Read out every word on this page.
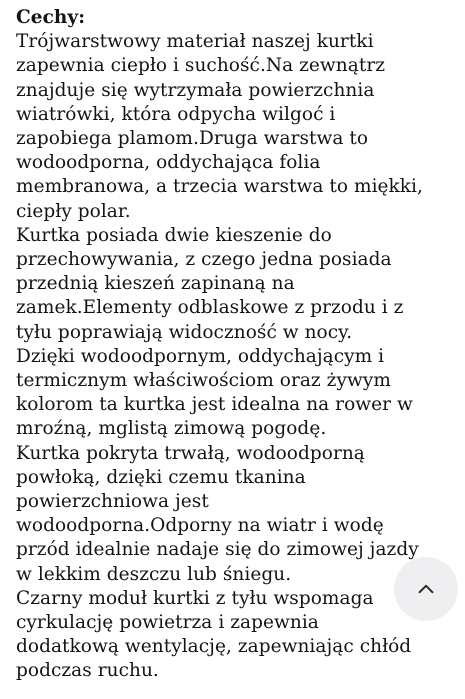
Cechy:
Trójwarstwowy materiał naszej kurtki
zapewnia ciepło i suchość.Na zewnątrz
znajduje się wytrzymała powierzchnia
wiatrówki, która odpycha wilgoć i
zapobiega plamom.Druga warstwa to
wodoodporna, oddychająca folia
membranowa, a trzecia warstwa to miękki,
ciepły polar.
Kurtka posiada dwie kieszenie do
przechowywania, z czego jedna posiada
przednią kieszeń zapinaną na
zamek.Elementy odblaskowe z przodu i z
tyłu poprawiają widoczność w nocy.
Dzięki wodoodpornym, oddychającym i
termicznym właściwościom oraz żywym
kolorom ta kurtka jest idealna na rower w
mroźną, mglistą zimową pogodę.
Kurtka pokryta trwałą, wodoodporną
powłoką, dzięki czemu tkanina
powierzchniowa jest
wodoodporna.Odporny na wiatr i wodę
przód idealnie nadaje się do zimowej jazdy
w lekkim deszczu lub śniegu.
Czarny moduł kurtki z tyłu wspomaga
cyrkulację powietrza i zapewnia
dodatkową wentylację, zapewniając chłód
podczas ruchu.
